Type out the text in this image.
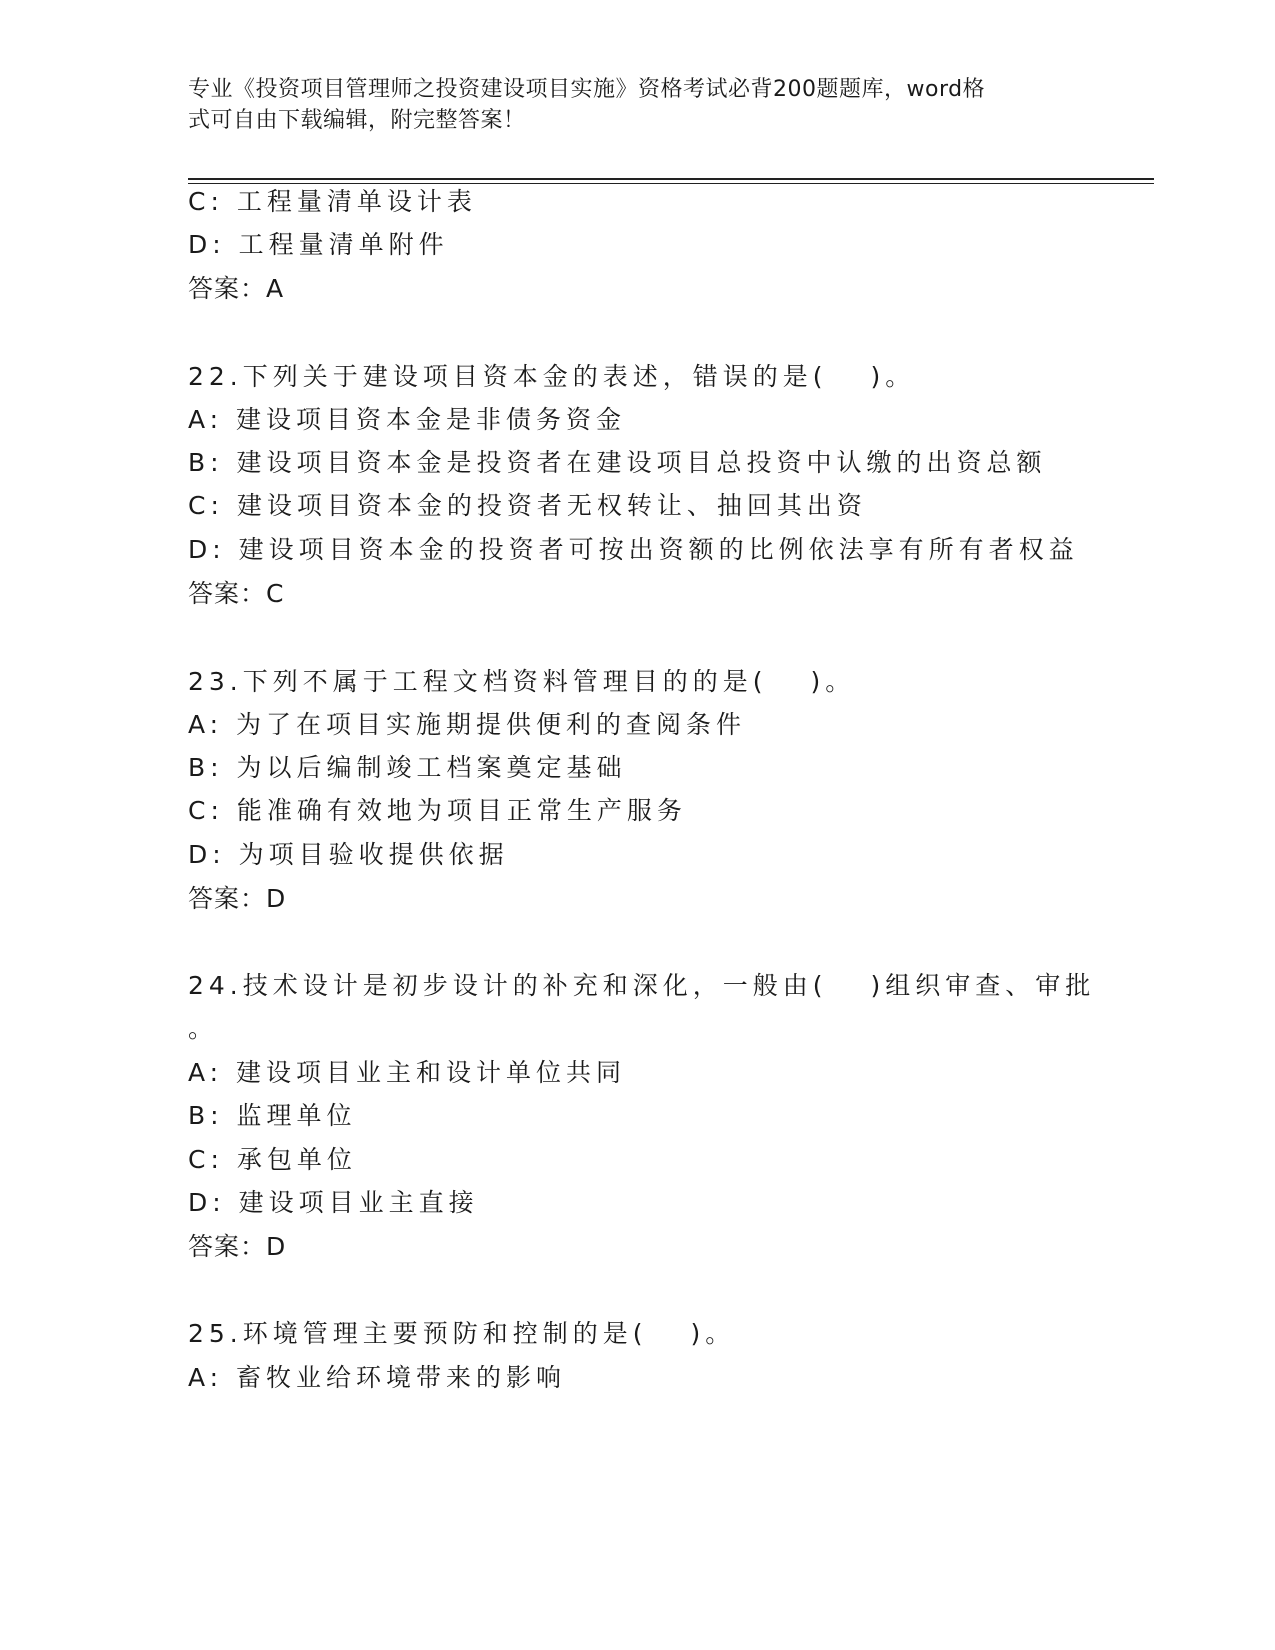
专业《投资项目管理师之投资建设项目实施》资格考试必背200题题库，word格
式可自由下载编辑，附完整答案！
C: 工程量清单设计表
D: 工程量清单附件
答案：A
22.下列关于建设项目资本金的表述，错误的是(　 )。
A: 建设项目资本金是非债务资金
B: 建设项目资本金是投资者在建设项目总投资中认缴的出资总额
C: 建设项目资本金的投资者无权转让、抽回其出资
D: 建设项目资本金的投资者可按出资额的比例依法享有所有者权益
答案：C
23.下列不属于工程文档资料管理目的的是(　 )。
A: 为了在项目实施期提供便利的查阅条件
B: 为以后编制竣工档案奠定基础
C: 能准确有效地为项目正常生产服务
D: 为项目验收提供依据
答案：D
24.技术设计是初步设计的补充和深化，一般由(　 )组织审查、审批
。
A: 建设项目业主和设计单位共同
B: 监理单位
C: 承包单位
D: 建设项目业主直接
答案：D
25.环境管理主要预防和控制的是(　 )。
A: 畜牧业给环境带来的影响
